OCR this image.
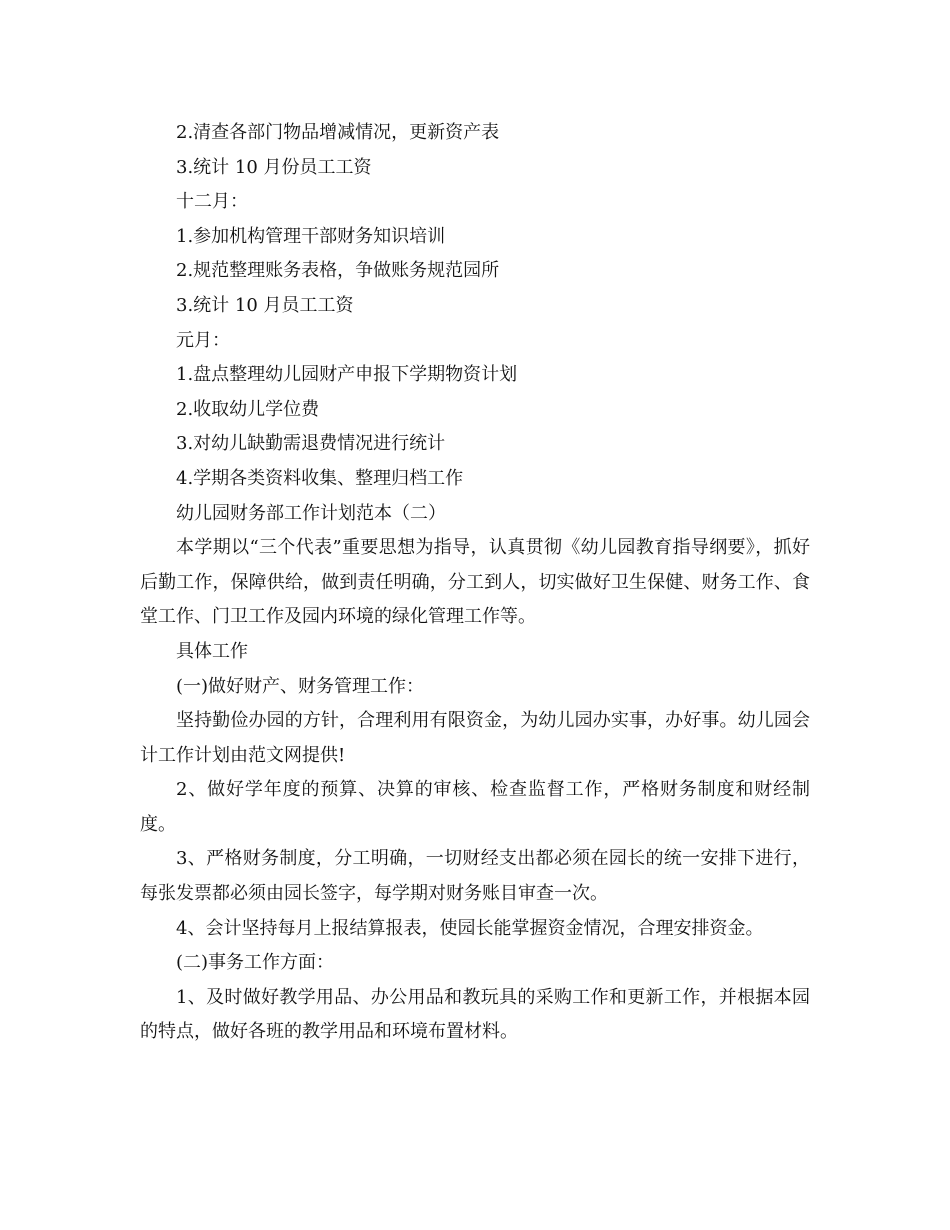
2.清查各部门物品增减情况，更新资产表

3.统计 10 月份员工工资

十二月：

1.参加机构管理干部财务知识培训

2.规范整理账务表格，争做账务规范园所

3.统计 10 月员工工资

元月：

1.盘点整理幼儿园财产申报下学期物资计划

2.收取幼儿学位费

3.对幼儿缺勤需退费情况进行统计

4.学期各类资料收集、整理归档工作

幼儿园财务部工作计划范本（二）

本学期以“三个代表”重要思想为指导，认真贯彻《幼儿园教育指导纲要》，抓好后勤工作，保障供给，做到责任明确，分工到人，切实做好卫生保健、财务工作、食堂工作、门卫工作及园内环境的绿化管理工作等。

具体工作

(一)做好财产、财务管理工作：

坚持勤俭办园的方针，合理利用有限资金，为幼儿园办实事，办好事。幼儿园会计工作计划由范文网提供!

2、做好学年度的预算、决算的审核、检查监督工作，严格财务制度和财经制度。

3、严格财务制度，分工明确，一切财经支出都必须在园长的统一安排下进行，每张发票都必须由园长签字，每学期对财务账目审查一次。

4、会计坚持每月上报结算报表，使园长能掌握资金情况，合理安排资金。

(二)事务工作方面：

1、及时做好教学用品、办公用品和教玩具的采购工作和更新工作，并根据本园的特点，做好各班的教学用品和环境布置材料。
